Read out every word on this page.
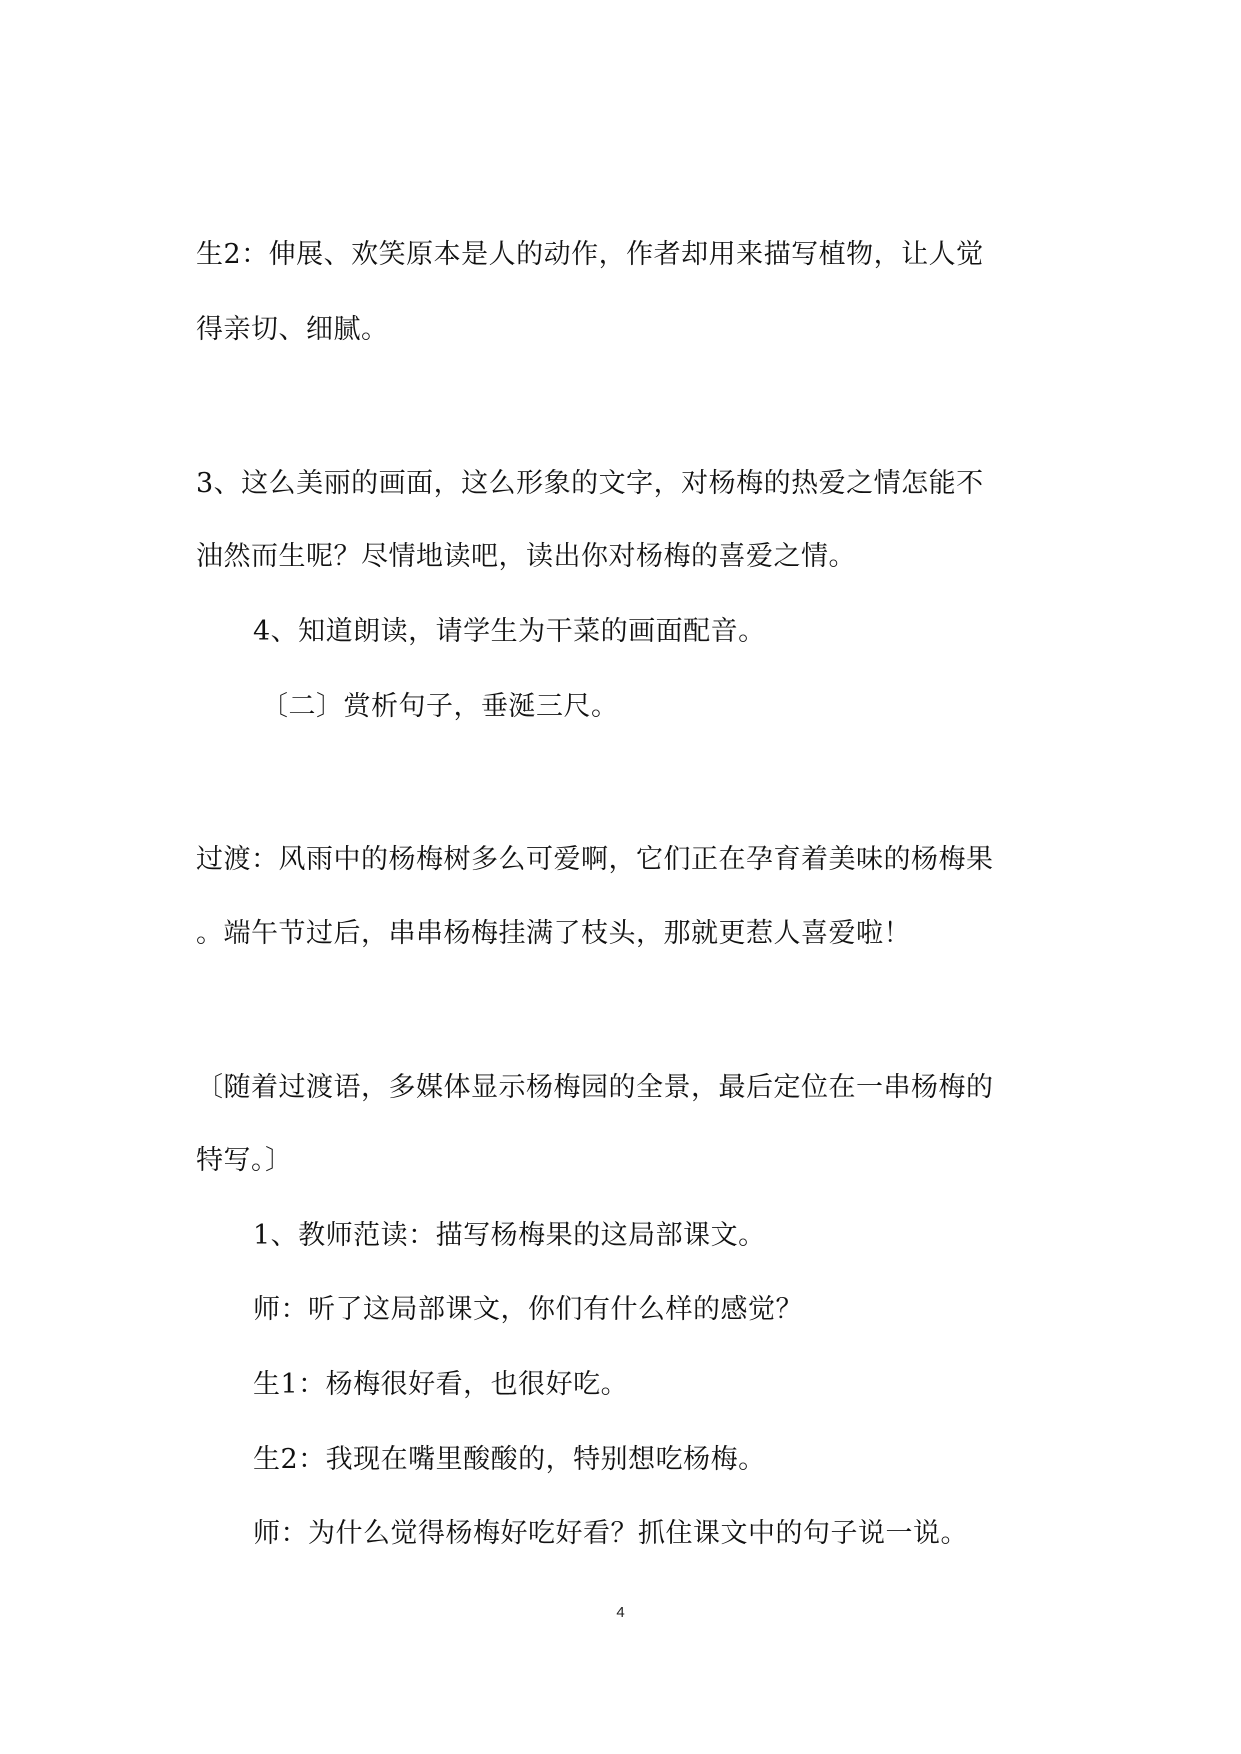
生2：伸展、欢笑原本是人的动作，作者却用来描写植物，让人觉
得亲切、细腻。
3、这么美丽的画面，这么形象的文字，对杨梅的热爱之情怎能不
油然而生呢？尽情地读吧，读出你对杨梅的喜爱之情。
4、知道朗读，请学生为干菜的画面配音。
〔二〕赏析句子，垂涎三尺。
过渡：风雨中的杨梅树多么可爱啊，它们正在孕育着美味的杨梅果
。端午节过后，串串杨梅挂满了枝头，那就更惹人喜爱啦！
〔随着过渡语，多媒体显示杨梅园的全景，最后定位在一串杨梅的
特写。〕
1、教师范读：描写杨梅果的这局部课文。
师：听了这局部课文，你们有什么样的感觉？
生1：杨梅很好看，也很好吃。
生2：我现在嘴里酸酸的，特别想吃杨梅。
师：为什么觉得杨梅好吃好看？抓住课文中的句子说一说。
4
